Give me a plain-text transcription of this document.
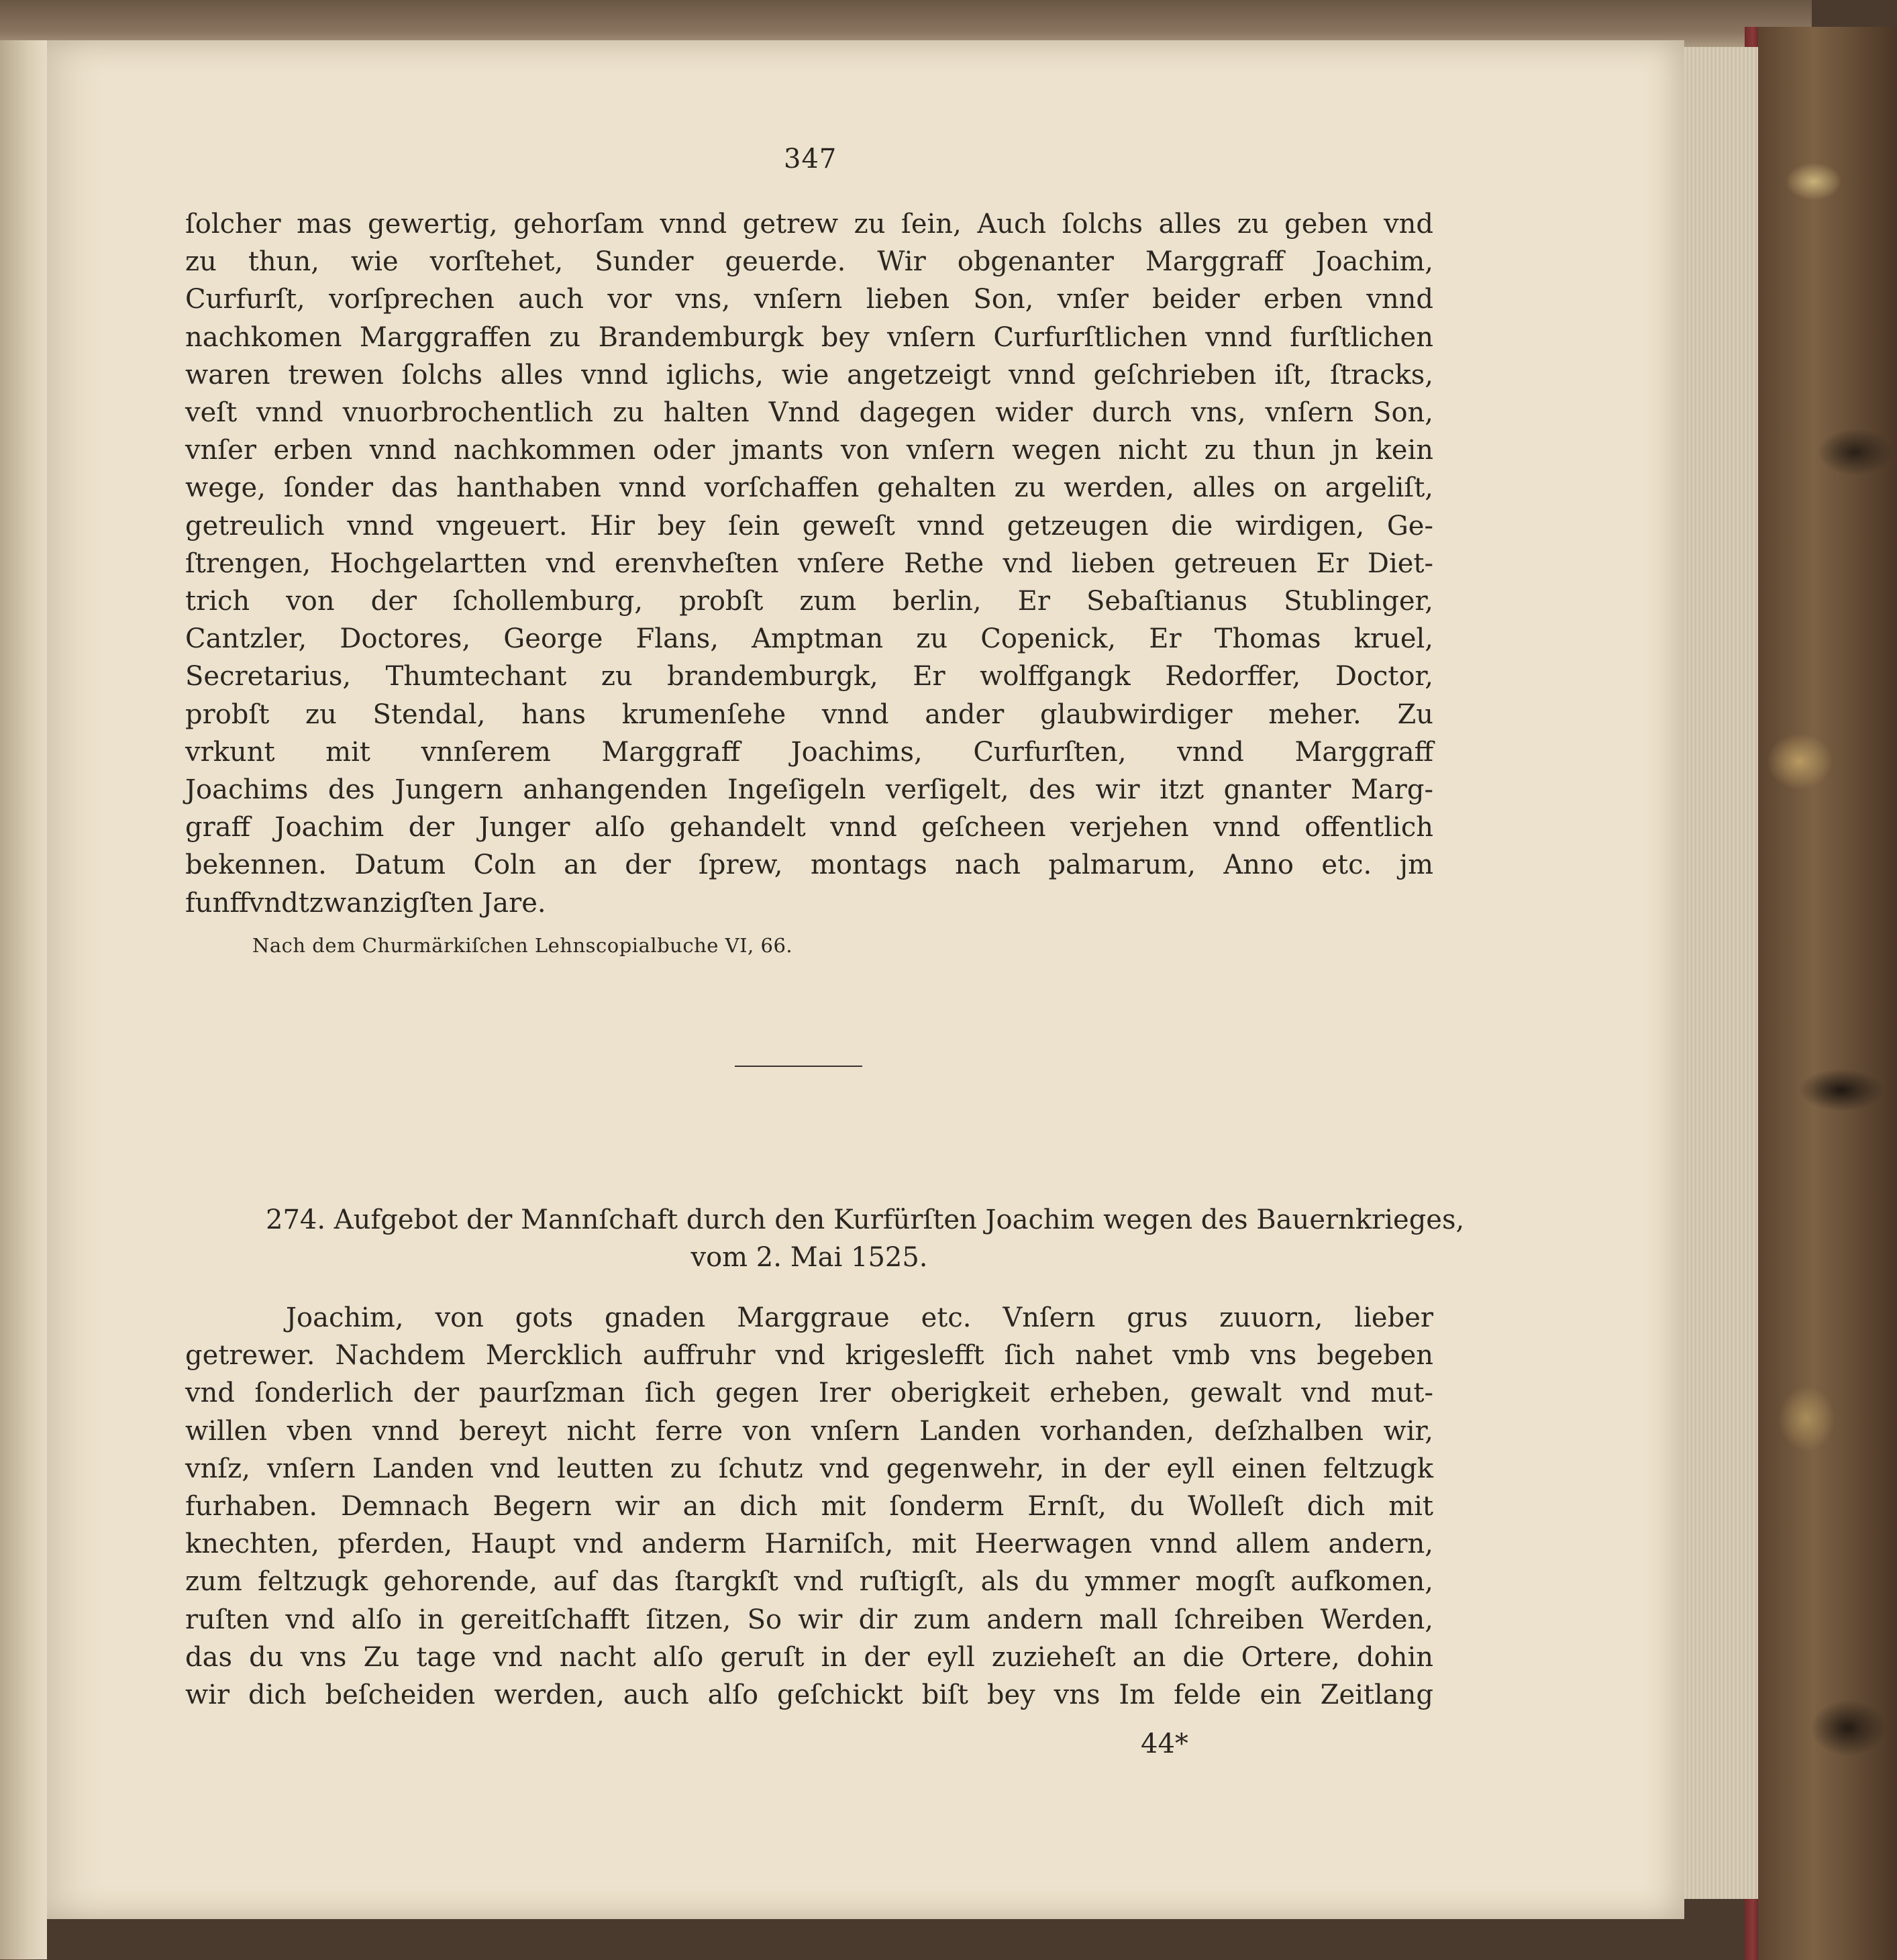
347
ſolcher mas gewertig, gehorſam vnnd getrew zu ſein, Auch ſolchs alles zu geben vnd
zu thun, wie vorſtehet, Sunder geuerde. Wir obgenanter Marggraff Joachim,
Curfurſt, vorſprechen auch vor vns, vnſern lieben Son, vnſer beider erben vnnd
nachkomen Marggraffen zu Brandemburgk bey vnſern Curfurſtlichen vnnd furſtlichen
waren trewen ſolchs alles vnnd iglichs, wie angetzeigt vnnd geſchrieben iſt, ſtracks,
veſt vnnd vnuorbrochentlich zu halten Vnnd dagegen wider durch vns, vnſern Son,
vnſer erben vnnd nachkommen oder jmants von vnſern wegen nicht zu thun jn kein
wege, ſonder das hanthaben vnnd vorſchaffen gehalten zu werden, alles on argeliſt,
getreulich vnnd vngeuert. Hir bey ſein geweſt vnnd getzeugen die wirdigen, Ge-
ſtrengen, Hochgelartten vnd erenvheſten vnſere Rethe vnd lieben getreuen Er Diet-
trich von der ſchollemburg, probſt zum berlin, Er Sebaſtianus Stublinger,
Cantzler, Doctores, George Flans, Amptman zu Copenick, Er Thomas kruel,
Secretarius, Thumtechant zu brandemburgk, Er wolffgangk Redorffer, Doctor,
probſt zu Stendal, hans krumenſehe vnnd ander glaubwirdiger meher. Zu
vrkunt mit vnnſerem Marggraff Joachims, Curfurſten, vnnd Marggraff
Joachims des Jungern anhangenden Ingeſigeln verſigelt, des wir itzt gnanter Marg-
graff Joachim der Junger alſo gehandelt vnnd geſcheen verjehen vnnd offentlich
bekennen. Datum Coln an der ſprew, montags nach palmarum, Anno etc. jm
funffvndtzwanzigſten Jare.
Nach dem Churmärkiſchen Lehnscopialbuche VI, 66.
274. Aufgebot der Mannſchaft durch den Kurfürſten Joachim wegen des Bauernkrieges,
vom 2. Mai 1525.
Joachim, von gots gnaden Marggraue etc. Vnſern grus zuuorn, lieber
getrewer. Nachdem Mercklich auffruhr vnd krigeslefft ſich nahet vmb vns begeben
vnd ſonderlich der paurſzman ſich gegen Irer oberigkeit erheben, gewalt vnd mut-
willen vben vnnd bereyt nicht ferre von vnſern Landen vorhanden, deſzhalben wir,
vnſz, vnſern Landen vnd leutten zu ſchutz vnd gegenwehr, in der eyll einen feltzugk
furhaben. Demnach Begern wir an dich mit ſonderm Ernſt, du Wolleſt dich mit
knechten, pferden, Haupt vnd anderm Harniſch, mit Heerwagen vnnd allem andern,
zum feltzugk gehorende, auf das ſtargkſt vnd ruſtigſt, als du ymmer mogſt aufkomen,
ruſten vnd alſo in gereitſchafft ſitzen, So wir dir zum andern mall ſchreiben Werden,
das du vns Zu tage vnd nacht alſo geruſt in der eyll zuzieheſt an die Ortere, dohin
wir dich beſcheiden werden, auch alſo geſchickt biſt bey vns Im felde ein Zeitlang
44*
